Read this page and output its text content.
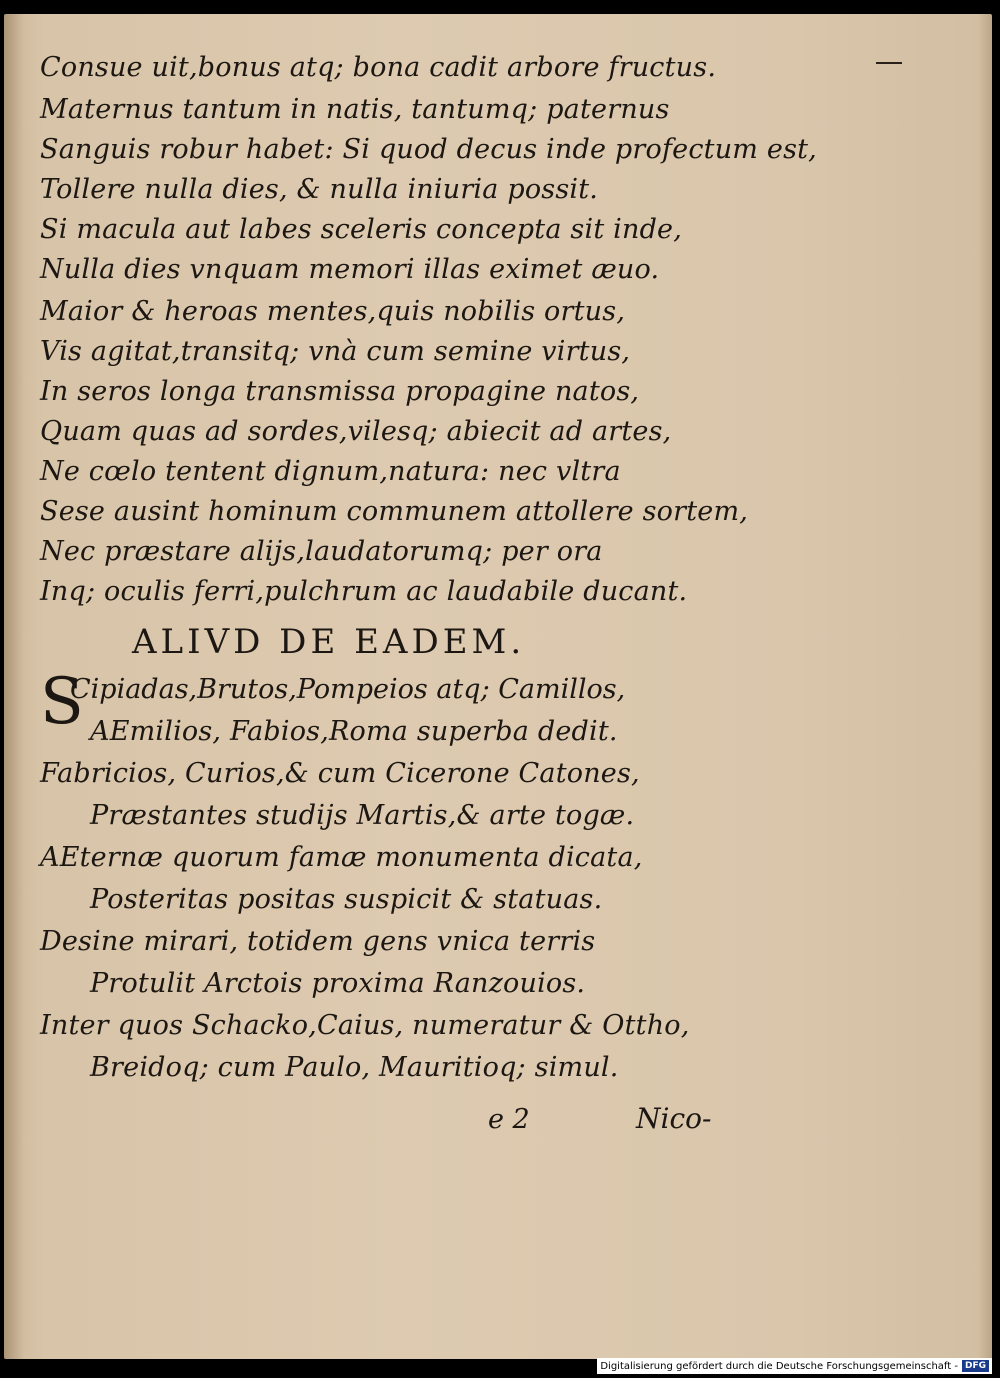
Consue uit,bonus atq; bona cadit arbore fructus.
Maternus tantum in natis, tantumq; paternus
Sanguis robur habet: Si quod decus inde profectum est,
Tollere nulla dies, & nulla iniuria possit.
Si macula aut labes sceleris concepta sit inde,
Nulla dies vnquam memori illas eximet æuo.
Maior & heroas mentes,quis nobilis ortus,
Vis agitat,transitq; vnà cum semine virtus,
In seros longa transmissa propagine natos,
Quam quas ad sordes,vilesq; abiecit ad artes,
Ne cœlo tentent dignum,natura: nec vltra
Sese ausint hominum communem attollere sortem,
Nec præstare alijs,laudatorumq; per ora
Inq; oculis ferri,pulchrum ac laudabile ducant.
ALIVD DE EADEM.
S
Cipiadas,Brutos,Pompeios atq; Camillos,
AEmilios, Fabios,Roma superba dedit.
Fabricios, Curios,& cum Cicerone Catones,
Præstantes studijs Martis,& arte togæ.
AEternæ quorum famæ monumenta dicata,
Posteritas positas suspicit & statuas.
Desine mirari, totidem gens vnica terris
Protulit Arctois proxima Ranzouios.
Inter quos Schacko,Caius, numeratur & Ottho,
Breidoq; cum Paulo, Mauritioq; simul.
e 2	Nico-
Digitalisierung gefördert durch die Deutsche Forschungsgemeinschaft - DFG
